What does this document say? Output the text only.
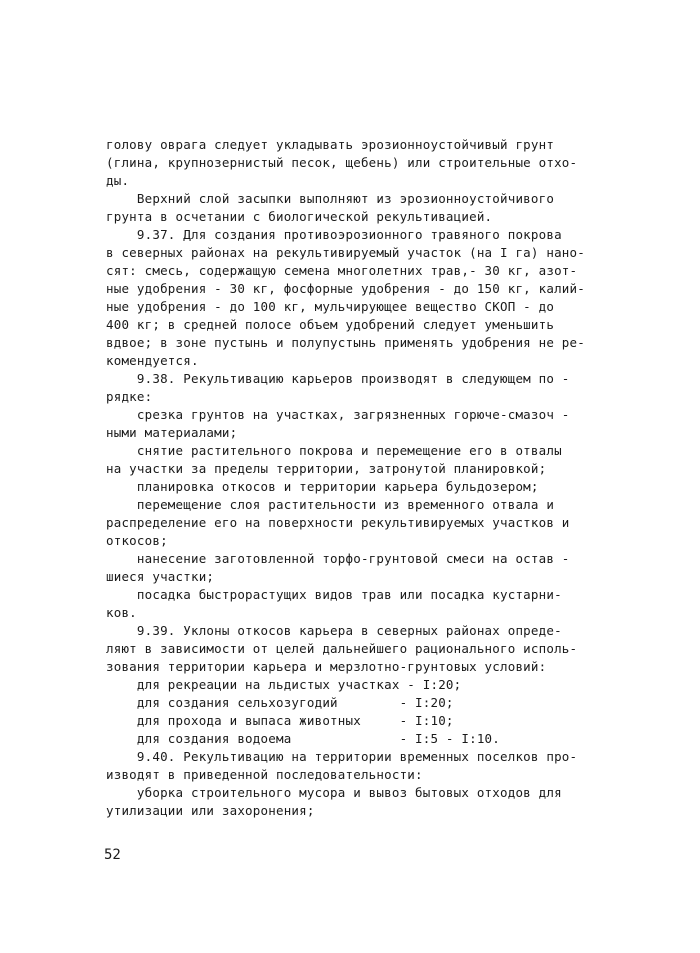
голову оврага следует укладывать эрозионноустойчивый грунт
(глина, крупнозернистый песок, щебень) или строительные отхо-
ды.
Верхний слой засыпки выполняют из эрозионноустойчивого
грунта в осчетании с биологической рекультивацией.
9.37. Для создания противоэрозионного травяного покрова
в северных районах на рекультивируемый участок (на I га) нано-
сят: смесь, содержащую семена многолетних трав,- 30 кг, азот-
ные удобрения - 30 кг, фосфорные удобрения - до 150 кг, калий-
ные удобрения - до 100 кг, мульчирующее вещество СКОП - до
400 кг; в средней полосе объем удобрений следует уменьшить
вдвое; в зоне пустынь и полупустынь применять удобрения не ре-
комендуется.
9.38. Рекультивацию карьеров производят в следующем по -
рядке:
срезка грунтов на участках, загрязненных горюче-смазоч -
ными материалами;
снятие растительного покрова и перемещение его в отвалы
на участки за пределы территории, затронутой планировкой;
планировка откосов и территории карьера бульдозером;
перемещение слоя растительности из временного отвала и
распределение его на поверхности рекультивируемых участков и
откосов;
нанесение заготовленной торфо-грунтовой смеси на остав -
шиеся участки;
посадка быстрорастущих видов трав или посадка кустарни-
ков.
9.39. Уклоны откосов карьера в северных районах опреде-
ляют в зависимости от целей дальнейшего рационального исполь-
зования территории карьера и мерзлотно-грунтовых условий:
для рекреации на льдистых участках - I:20;
для создания сельхозугодий        - I:20;
для прохода и выпаса животных     - I:10;
для создания водоема              - I:5 - I:10.
9.40. Рекультивацию на территории временных поселков про-
изводят в приведенной последовательности:
уборка строительного мусора и вывоз бытовых отходов для
утилизации или захоронения;
52
